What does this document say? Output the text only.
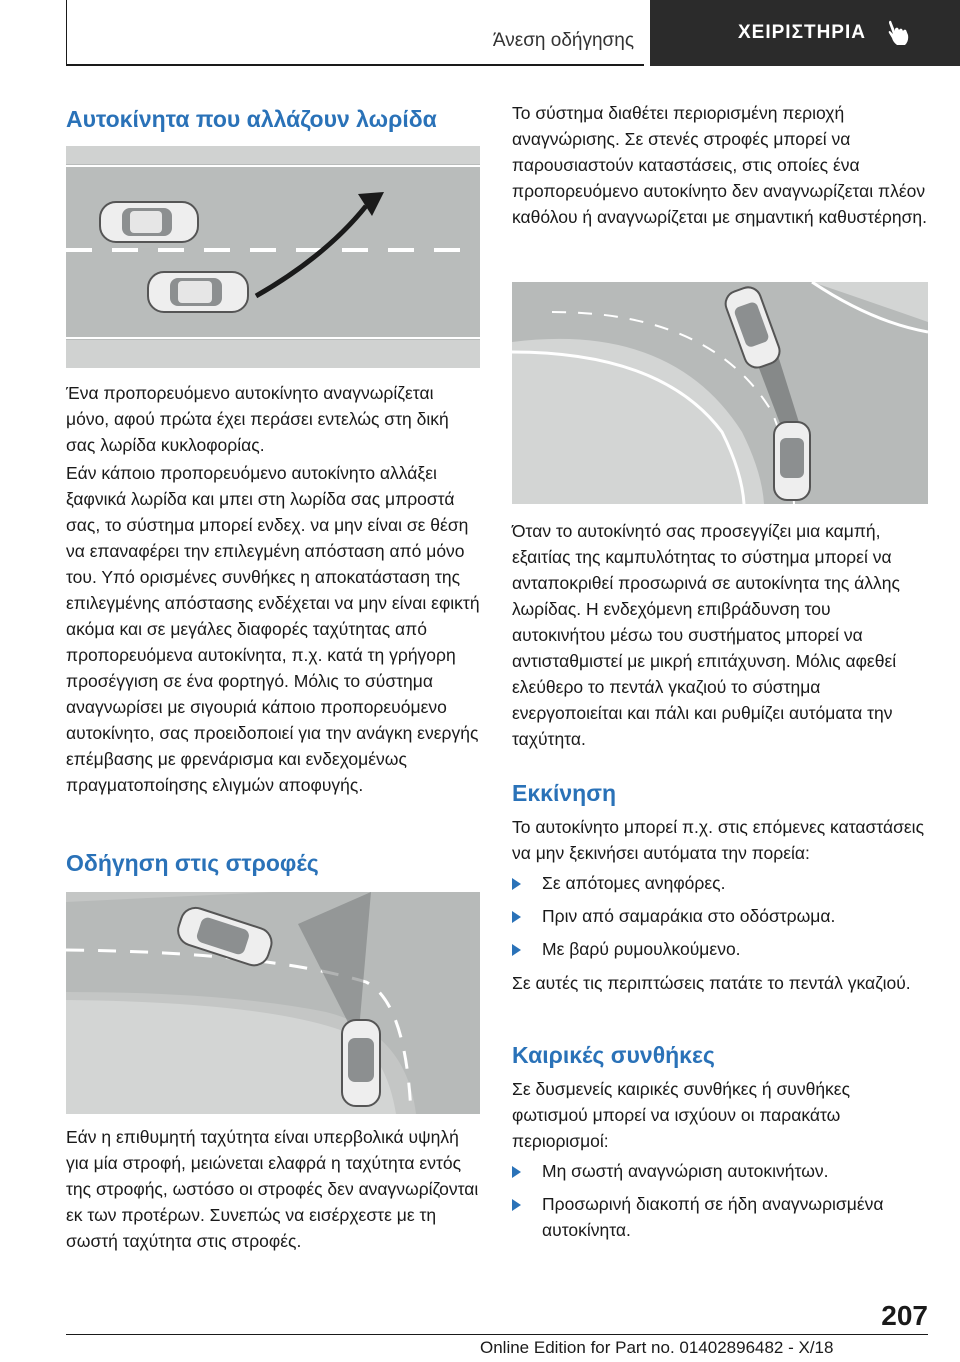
Άνεση οδήγησης	ΧΕΙΡΙΣΤΗΡΙΑ
Αυτοκίνητα που αλλάζουν λωρίδα

Ένα προπορευόμενο αυτοκίνητο αναγνωρίζεται μόνο, αφού πρώτα έχει περάσει εντελώς στη δική σας λωρίδα κυκλοφορίας.

Εάν κάποιο προπορευόμενο αυτοκίνητο αλλάξει ξαφνικά λωρίδα και μπει στη λωρίδα σας μπροστά σας, το σύστημα μπορεί ενδεχ. να μην είναι σε θέση να επαναφέρει την επιλεγμένη απόσταση από μόνο του. Υπό ορισμένες συνθήκες η αποκατάσταση της επιλεγμένης απόστασης ενδέχεται να μην είναι εφικτή ακόμα και σε μεγάλες διαφορές ταχύτητας από προπορευόμενα αυτοκίνητα, π.χ. κατά τη γρήγορη προσέγγιση σε ένα φορτηγό. Μόλις το σύστημα αναγνωρίσει με σιγουριά κάποιο προπορευόμενο αυτοκίνητο, σας προειδοποιεί για την ανάγκη ενεργής επέμβασης με φρενάρισμα και ενδεχομένως πραγματοποίησης ελιγμών αποφυγής.

Οδήγηση στις στροφές

Εάν η επιθυμητή ταχύτητα είναι υπερβολικά υψηλή για μία στροφή, μειώνεται ελαφρά η ταχύτητα εντός της στροφής, ωστόσο οι στροφές δεν αναγνωρίζονται εκ των προτέρων. Συνεπώς να εισέρχεστε με τη σωστή ταχύτητα στις στροφές.

Το σύστημα διαθέτει περιορισμένη περιοχή αναγνώρισης. Σε στενές στροφές μπορεί να παρουσιαστούν καταστάσεις, στις οποίες ένα προπορευόμενο αυτοκίνητο δεν αναγνωρίζεται πλέον καθόλου ή αναγνωρίζεται με σημαντική καθυστέρηση.

Όταν το αυτοκίνητό σας προσεγγίζει μια καμπή, εξαιτίας της καμπυλότητας το σύστημα μπορεί να ανταποκριθεί προσωρινά σε αυτοκίνητα της άλλης λωρίδας. Η ενδεχόμενη επιβράδυνση του αυτοκινήτου μέσω του συστήματος μπορεί να αντισταθμιστεί με μικρή επιτάχυνση. Μόλις αφεθεί ελεύθερο το πεντάλ γκαζιού το σύστημα ενεργοποιείται και πάλι και ρυθμίζει αυτόματα την ταχύτητα.

Εκκίνηση

Το αυτοκίνητο μπορεί π.χ. στις επόμενες καταστάσεις να μην ξεκινήσει αυτόματα την πορεία:

Σε απότομες ανηφόρες.
Πριν από σαμαράκια στο οδόστρωμα.
Με βαρύ ρυμουλκούμενο.

Σε αυτές τις περιπτώσεις πατάτε το πεντάλ γκαζιού.

Καιρικές συνθήκες

Σε δυσμενείς καιρικές συνθήκες ή συνθήκες φωτισμού μπορεί να ισχύουν οι παρακάτω περιορισμοί:

Μη σωστή αναγνώριση αυτοκινήτων.
Προσωρινή διακοπή σε ήδη αναγνωρισμένα αυτοκίνητα.
207
Online Edition for Part no. 01402896482 - X/18
